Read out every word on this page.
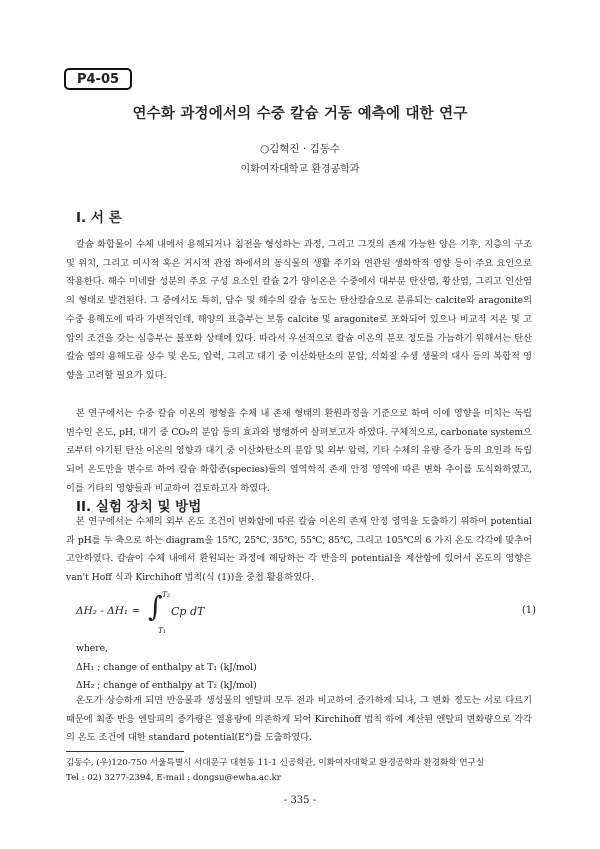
P4-05
연수화 과정에서의 수중 칼슘 거동 예측에 대한 연구
○김혁진 · 김동수
이화여자대학교 환경공학과
I. 서 론

칼슘 화합물이 수체 내에서 용해되거나 침전을 형성하는 과정, 그리고 그것의 존재 가능한 양은 기후, 지층의 구조 및 위치, 그리고 미시적 혹은 거시적 관점 하에서의 동식물의 생활 주기와 연관된 생화학적 영향 등이 주요 요인으로 작용한다. 해수 미네랄 성분의 주요 구성 요소인 칼슘 2가 양이온은 수중에서 대부분 탄산염, 황산염, 그리고 인산염의 형태로 발견된다. 그 중에서도 특히, 담수 및 해수의 칼슘 농도는 탄산칼슘으로 분류되는 calcite와 aragonite의 수중 용해도에 따라 가변적인데, 해양의 표층부는 보통 calcite 및 aragonite로 포화되어 있으나 비교적 저온 및 고압의 조건을 갖는 심층부는 불포화 상태에 있다. 따라서 우선적으로 칼슘 이온의 분포 정도를 가늠하기 위해서는 탄산칼슘 염의 용해도곱 상수 및 온도, 압력, 그리고 대기 중 이산화탄소의 분압, 석회질 수생 생물의 대사 등의 복합적 영향을 고려할 필요가 있다.

본 연구에서는 수중 칼슘 이온의 평형을 수체 내 존재 형태의 환원과정을 기준으로 하여 이에 영향을 미치는 독립 변수인 온도, pH, 대기 중 CO₂의 분압 등의 효과와 병행하여 살펴보고자 하였다. 구체적으로, carbonate system으로부터 야기된 탄산 이온의 영향과 대기 중 이산화탄소의 분압 및 외부 압력, 기타 수체의 유량 증가 등의 요인과 독립되어 온도만을 변수로 하여 칼슘 화합종(species)들의 열역학적 존재 안정 영역에 따른 변화 추이를 도식화하였고, 이를 기타의 영향들과 비교하여 검토하고자 하였다.

II. 실험 장치 및 방법

본 연구에서는 수체의 외부 온도 조건이 변화함에 따른 칼슘 이온의 존재 안정 영역을 도출하기 위하여 potential과 pH를 두 축으로 하는 diagram을 15℃, 25℃, 35℃, 55℃, 85℃, 그리고 105℃의 6 가지 온도 각각에 맞추어 고안하였다. 칼슘이 수체 내에서 환원되는 과정에 해당하는 각 반응의 potential을 계산함에 있어서 온도의 영향은 van't Hoff 식과 Kirchihoff 법칙(식 (1))을 중첩 활용하였다.

ΔH₂ - ΔH₁ = ∫ T₂
T₁
Cp dT	(1)
where,
ΔH₁ ; change of enthalpy at T₁ (kJ/mol)
ΔH₂ ; change of enthalpy at T₂ (kJ/mol)

온도가 상승하게 되면 반응물과 생성물의 엔탈피 모두 전과 비교하여 증가하게 되나, 그 변화 정도는 서로 다르기 때문에 최종 반응 엔탈피의 증가량은 열용량에 의존하게 되어 Kirchihoff 법칙 하에 계산된 엔탈피 변화량으로 각각의 온도 조건에 대한 standard potential(E°)를 도출하였다.

김동수, (우)120-750 서울특별시 서대문구 대현동 11-1 신공학관, 이화여자대학교 환경공학과 환경화학 연구실
Tel : 02) 3277-2394, E-mail : dongsu@ewha.ac.kr
- 335 -
